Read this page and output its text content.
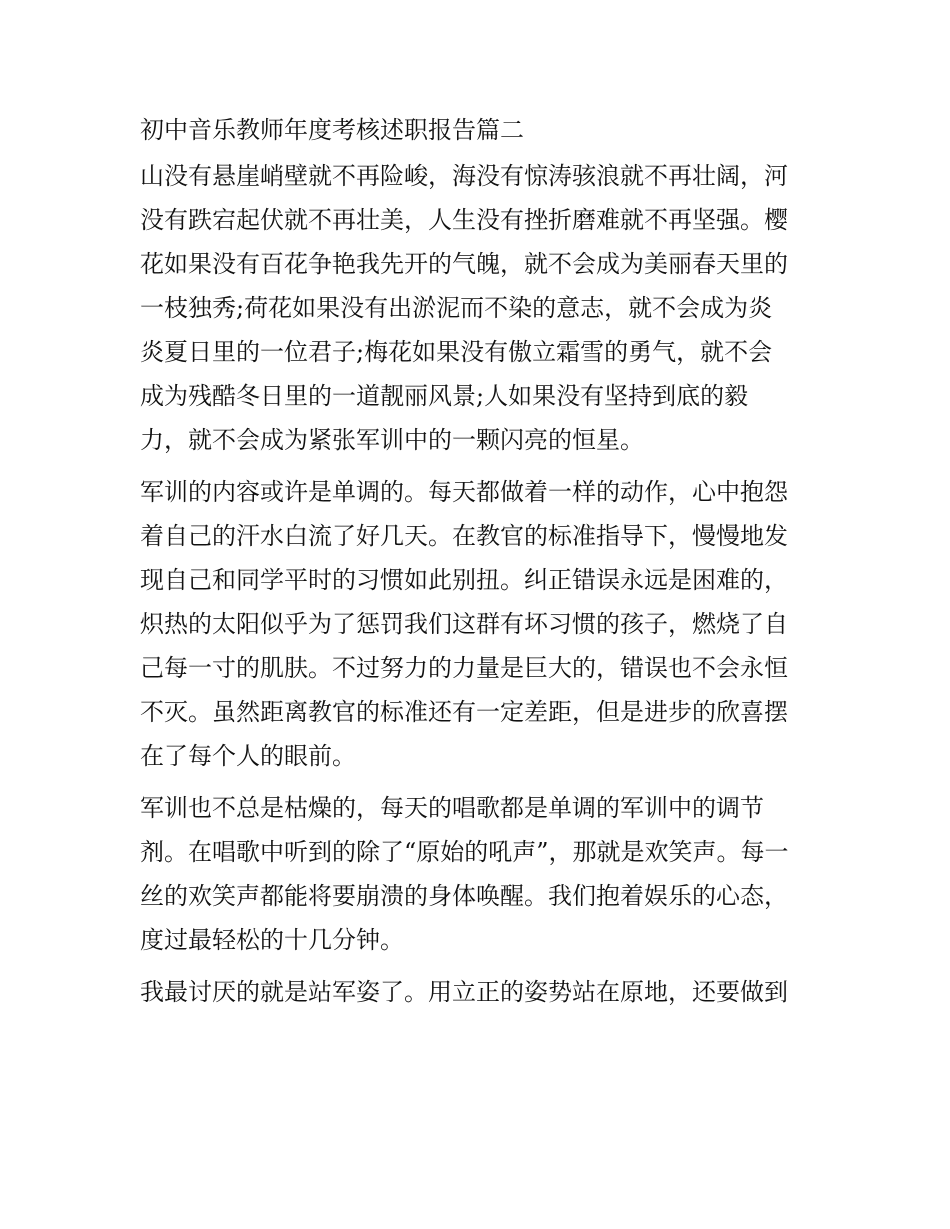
初中音乐教师年度考核述职报告篇二
山没有悬崖峭壁就不再险峻，海没有惊涛骇浪就不再壮阔，河
没有跌宕起伏就不再壮美，人生没有挫折磨难就不再坚强。樱
花如果没有百花争艳我先开的气魄，就不会成为美丽春天里的
一枝独秀;荷花如果没有出淤泥而不染的意志，就不会成为炎
炎夏日里的一位君子;梅花如果没有傲立霜雪的勇气，就不会
成为残酷冬日里的一道靓丽风景;人如果没有坚持到底的毅
力，就不会成为紧张军训中的一颗闪亮的恒星。
军训的内容或许是单调的。每天都做着一样的动作，心中抱怨
着自己的汗水白流了好几天。在教官的标准指导下，慢慢地发
现自己和同学平时的习惯如此别扭。纠正错误永远是困难的，
炽热的太阳似乎为了惩罚我们这群有坏习惯的孩子，燃烧了自
己每一寸的肌肤。不过努力的力量是巨大的，错误也不会永恒
不灭。虽然距离教官的标准还有一定差距，但是进步的欣喜摆
在了每个人的眼前。
军训也不总是枯燥的，每天的唱歌都是单调的军训中的调节
剂。在唱歌中听到的除了“原始的吼声”，那就是欢笑声。每一
丝的欢笑声都能将要崩溃的身体唤醒。我们抱着娱乐的心态，
度过最轻松的十几分钟。
我最讨厌的就是站军姿了。用立正的姿势站在原地，还要做到
